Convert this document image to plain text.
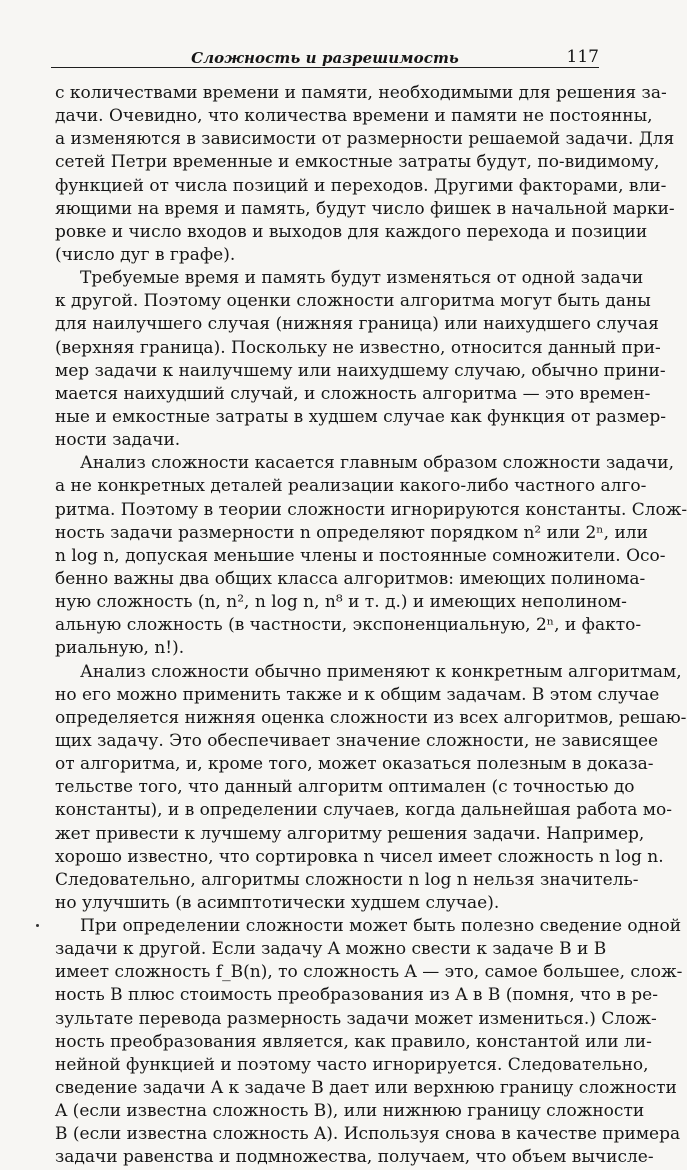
Сложность и разрешимость	117
с количествами времени и памяти, необходимыми для решения за-
дачи. Очевидно, что количества времени и памяти не постоянны,
а изменяются в зависимости от размерности решаемой задачи. Для
сетей Петри временные и емкостные затраты будут, по-видимому,
функцией от числа позиций и переходов. Другими факторами, вли-
яющими на время и память, будут число фишек в начальной марки-
ровке и число входов и выходов для каждого перехода и позиции
(число дуг в графе).
Требуемые время и память будут изменяться от одной задачи
к другой. Поэтому оценки сложности алгоритма могут быть даны
для наилучшего случая (нижняя граница) или наихудшего случая
(верхняя граница). Поскольку не известно, относится данный при-
мер задачи к наилучшему или наихудшему случаю, обычно прини-
мается наихудший случай, и сложность алгоритма — это времен-
ные и емкостные затраты в худшем случае как функция от размер-
ности задачи.
Анализ сложности касается главным образом сложности задачи,
а не конкретных деталей реализации какого-либо частного алго-
ритма. Поэтому в теории сложности игнорируются константы. Слож-
ность задачи размерности n определяют порядком n² или 2ⁿ, или
n log n, допуская меньшие члены и постоянные сомножители. Осо-
бенно важны два общих класса алгоритмов: имеющих полинома-
ную сложность (n, n², n log n, n⁸ и т. д.) и имеющих неполином-
альную сложность (в частности, экспоненциальную, 2ⁿ, и факто-
риальную, n!).
Анализ сложности обычно применяют к конкретным алгоритмам,
но его можно применить также и к общим задачам. В этом случае
определяется нижняя оценка сложности из всех алгоритмов, решаю-
щих задачу. Это обеспечивает значение сложности, не зависящее
от алгоритма, и, кроме того, может оказаться полезным в доказа-
тельстве того, что данный алгоритм оптимален (с точностью до
константы), и в определении случаев, когда дальнейшая работа мо-
жет привести к лучшему алгоритму решения задачи. Например,
хорошо известно, что сортировка n чисел имеет сложность n log n.
Следовательно, алгоритмы сложности n log n нельзя значитель-
но улучшить (в асимптотически худшем случае).
При определении сложности может быть полезно сведение одной
задачи к другой. Если задачу A можно свести к задаче B и B
имеет сложность f_B(n), то сложность A — это, самое большее, слож-
ность B плюс стоимость преобразования из A в B (помня, что в ре-
зультате перевода размерность задачи может измениться.) Слож-
ность преобразования является, как правило, константой или ли-
нейной функцией и поэтому часто игнорируется. Следовательно,
сведение задачи A к задаче B дает или верхнюю границу сложности
A (если известна сложность B), или нижнюю границу сложности
B (если известна сложность A). Используя снова в качестве примера
задачи равенства и подмножества, получаем, что объем вычисле-
